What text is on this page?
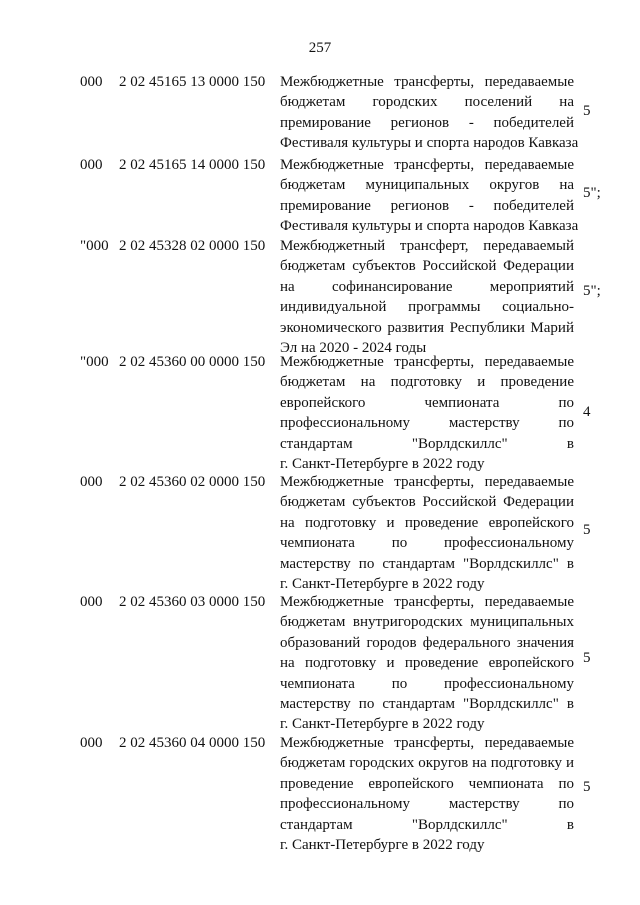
257
000 2 02 45165 13 0000 150 Межбюджетные трансферты, передаваемые
бюджетам городских поселений на
премирование регионов - победителей
Фестиваля культуры и спорта народов Кавказа
5
000 2 02 45165 14 0000 150 Межбюджетные трансферты, передаваемые
бюджетам муниципальных округов на
премирование регионов - победителей
Фестиваля культуры и спорта народов Кавказа
5";
"000 2 02 45328 02 0000 150 Межбюджетный трансферт, передаваемый
бюджетам субъектов Российской Федерации
на софинансирование мероприятий
индивидуальной программы социально-
экономического развития Республики Марий
Эл на 2020 - 2024 годы
5";
"000 2 02 45360 00 0000 150 Межбюджетные трансферты, передаваемые
бюджетам на подготовку и проведение
европейского чемпионата по
профессиональному мастерству по
стандартам "Ворлдскиллс" в
г. Санкт-Петербурге в 2022 году
4
000 2 02 45360 02 0000 150 Межбюджетные трансферты, передаваемые
бюджетам субъектов Российской Федерации
на подготовку и проведение европейского
чемпионата по профессиональному
мастерству по стандартам "Ворлдскиллс" в
г. Санкт-Петербурге в 2022 году
5
000 2 02 45360 03 0000 150 Межбюджетные трансферты, передаваемые
бюджетам внутригородских муниципальных
образований городов федерального значения
на подготовку и проведение европейского
чемпионата по профессиональному
мастерству по стандартам "Ворлдскиллс" в
г. Санкт-Петербурге в 2022 году
5
000 2 02 45360 04 0000 150 Межбюджетные трансферты, передаваемые
бюджетам городских округов на подготовку и
проведение европейского чемпионата по
профессиональному мастерству по
стандартам "Ворлдскиллс" в
г. Санкт-Петербурге в 2022 году
5
